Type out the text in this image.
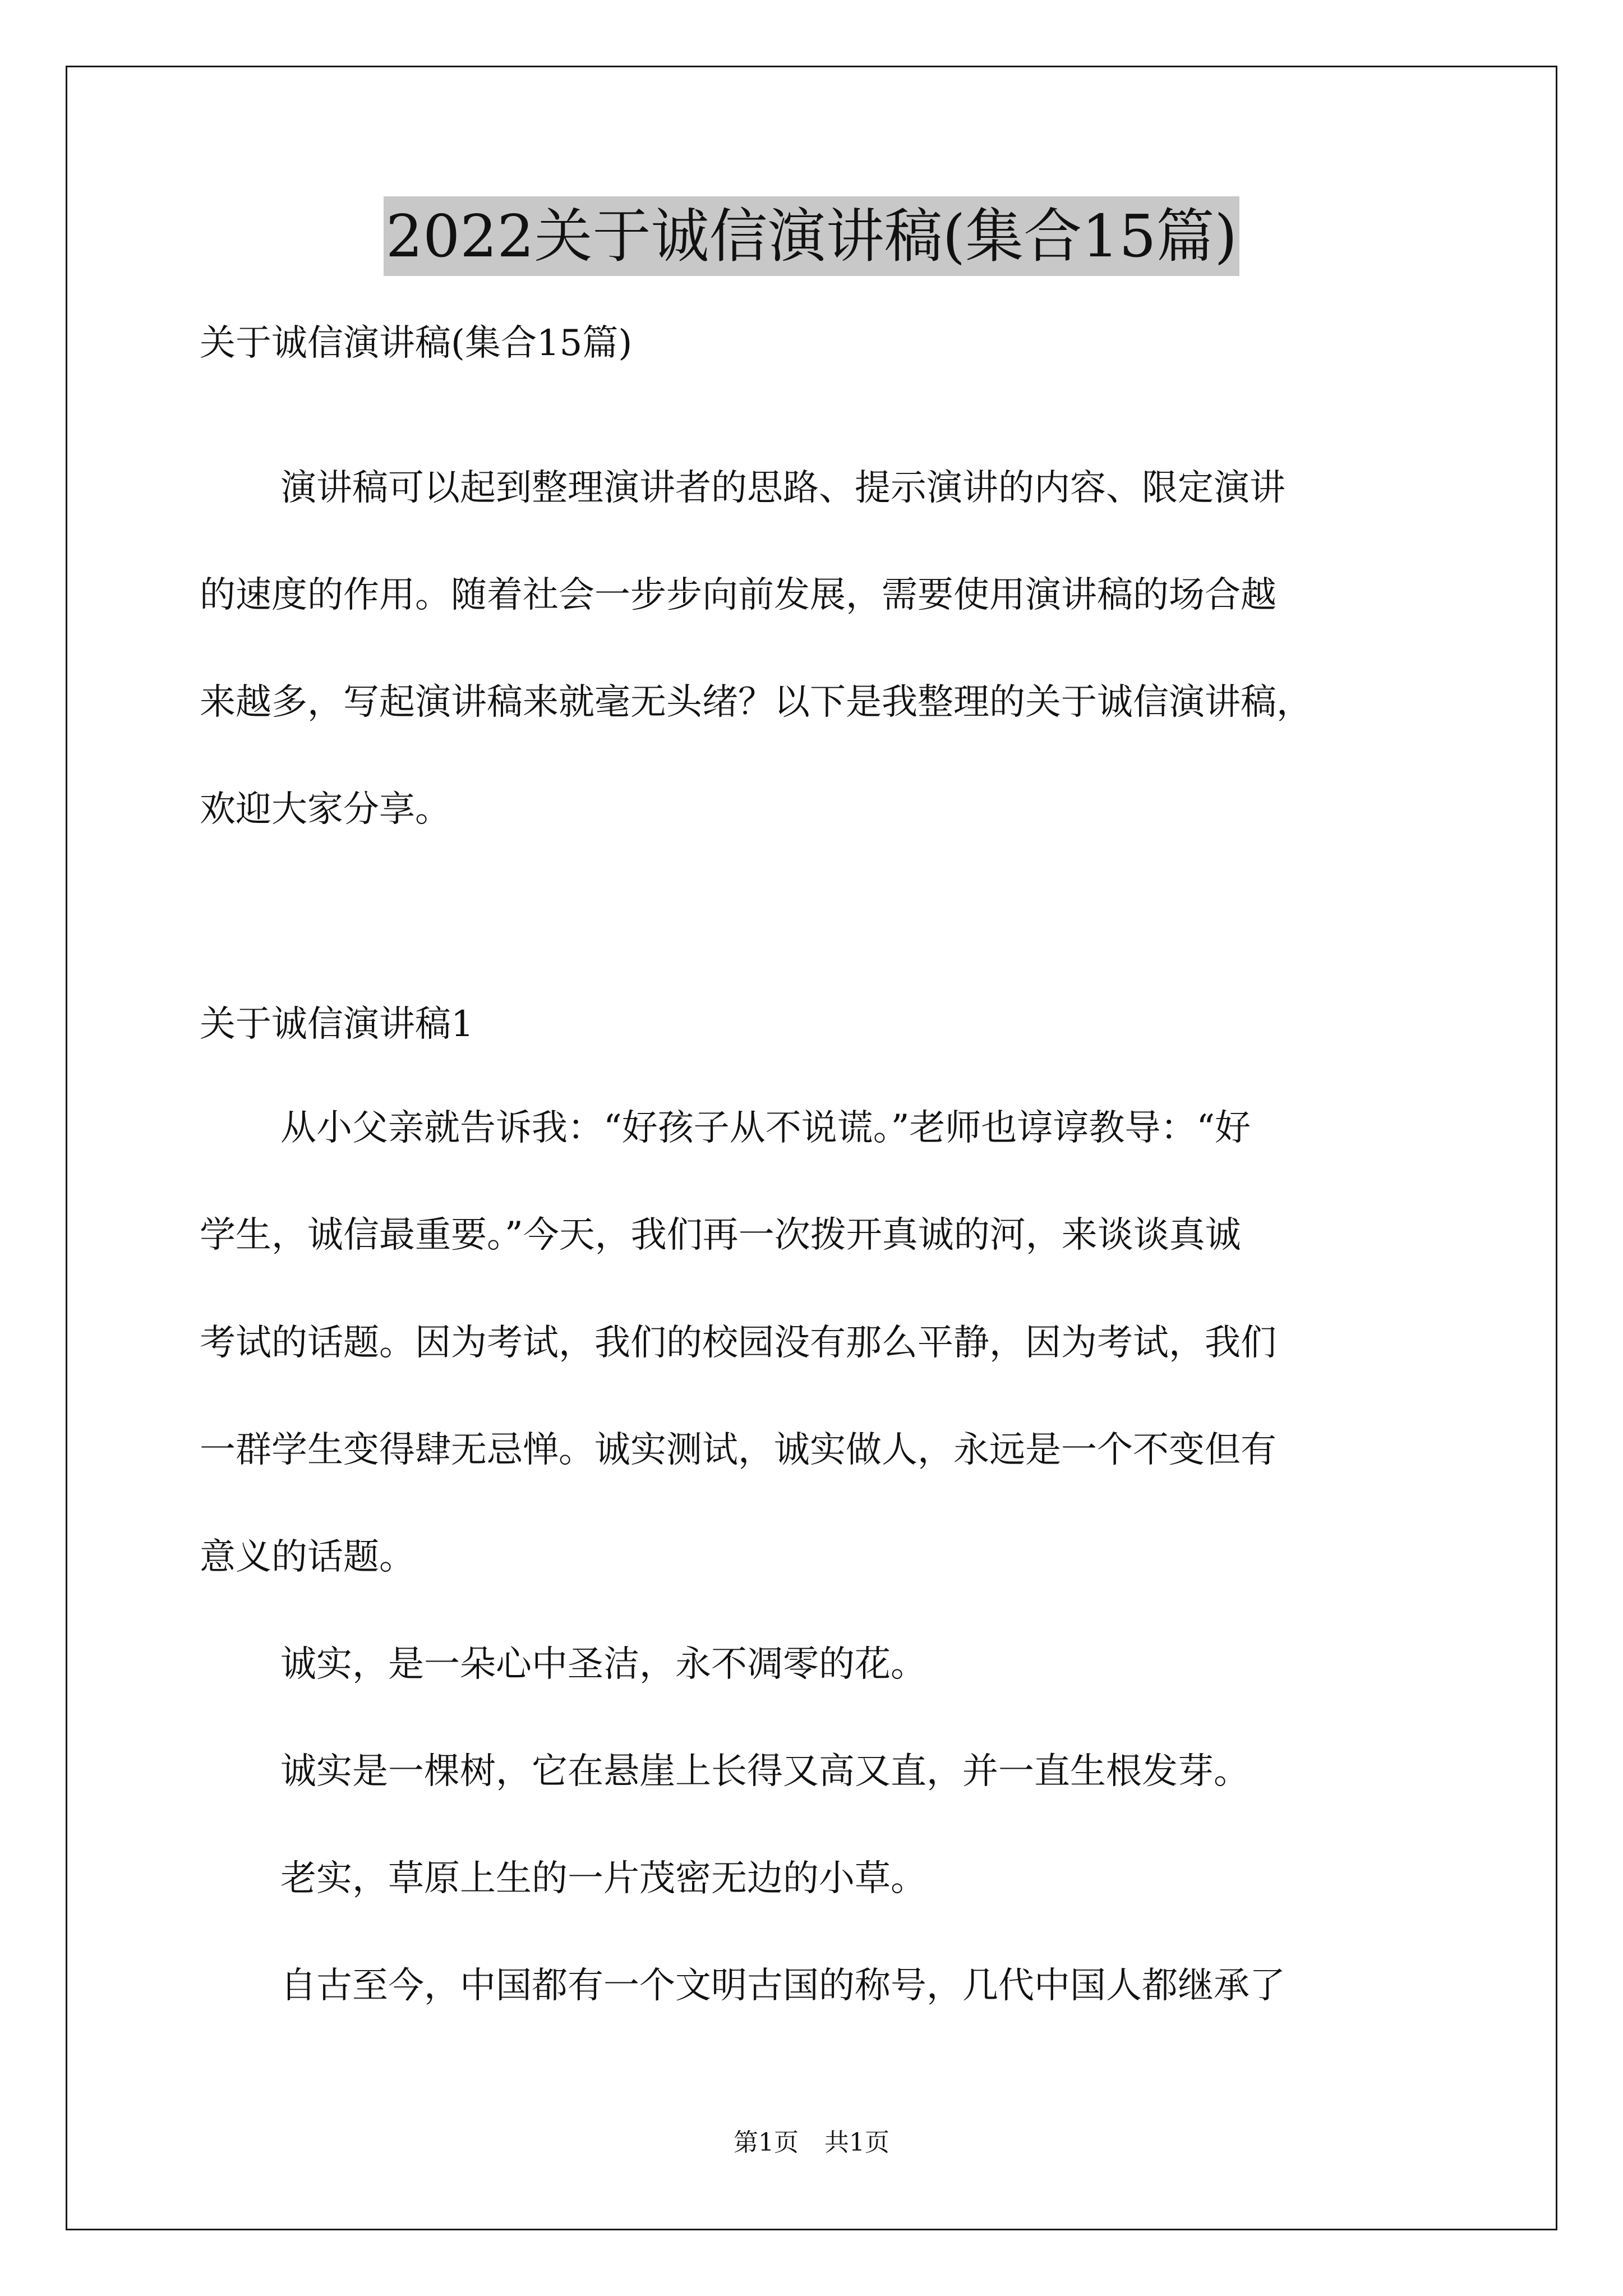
2022关于诚信演讲稿(集合15篇)

关于诚信演讲稿(集合15篇)

演讲稿可以起到整理演讲者的思路、提示演讲的内容、限定演讲

的速度的作用。随着社会一步步向前发展，需要使用演讲稿的场合越

来越多，写起演讲稿来就毫无头绪？以下是我整理的关于诚信演讲稿，

欢迎大家分享。

关于诚信演讲稿1

从小父亲就告诉我：“好孩子从不说谎。”老师也谆谆教导：“好

学生，诚信最重要。”今天，我们再一次拨开真诚的河，来谈谈真诚

考试的话题。因为考试，我们的校园没有那么平静，因为考试，我们

一群学生变得肆无忌惮。诚实测试，诚实做人，永远是一个不变但有

意义的话题。

诚实，是一朵心中圣洁，永不凋零的花。

诚实是一棵树，它在悬崖上长得又高又直，并一直生根发芽。

老实，草原上生的一片茂密无边的小草。

自古至今，中国都有一个文明古国的称号，几代中国人都继承了

第1页 共1页
